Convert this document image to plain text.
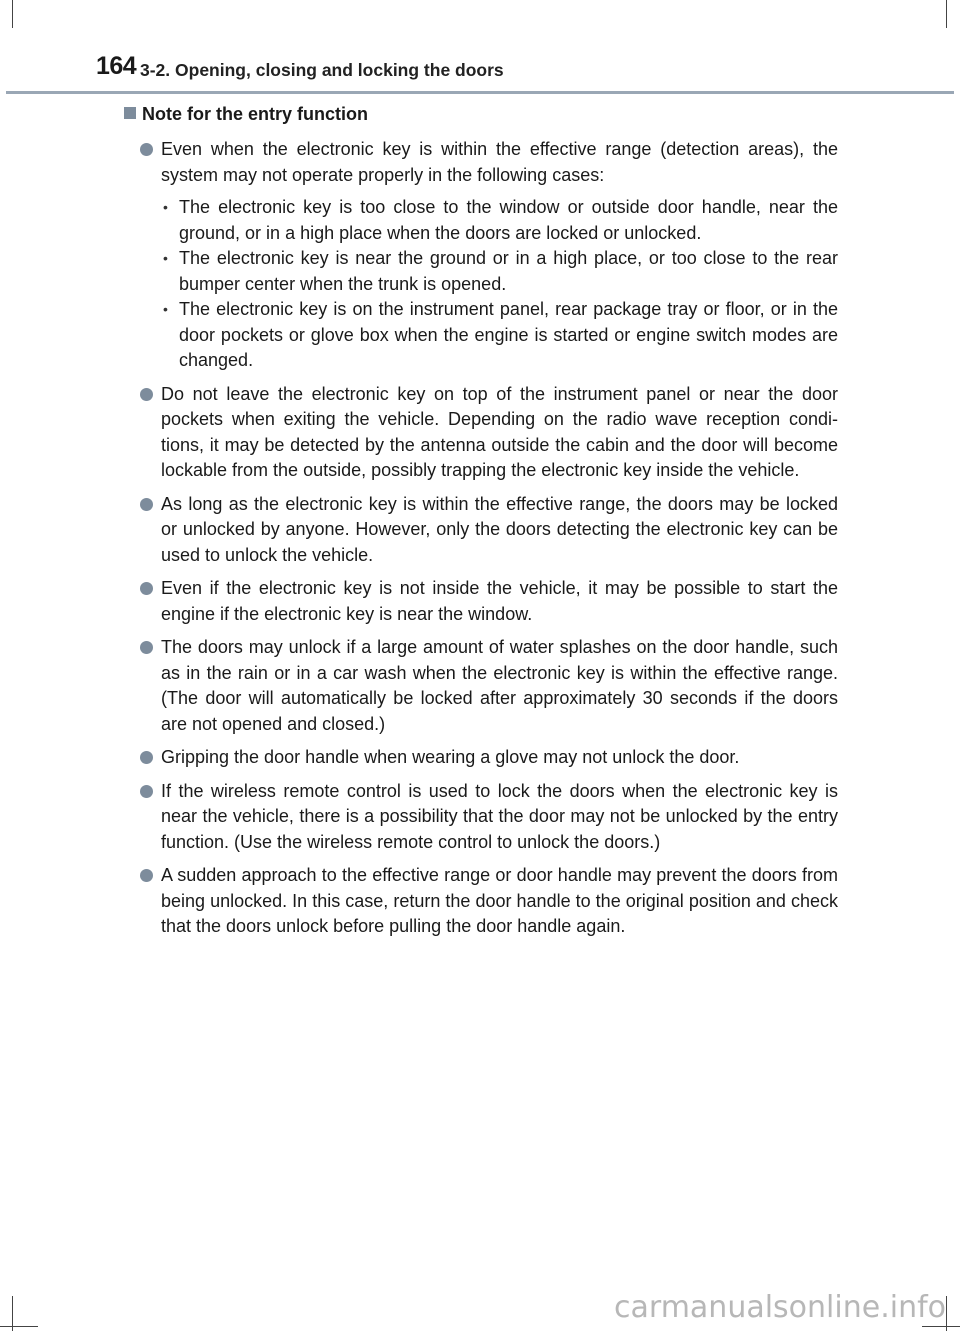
164 3-2. Opening, closing and locking the doors
Note for the entry function
Even when the electronic key is within the effective range (detection areas), the system may not operate properly in the following cases:
• The electronic key is too close to the window or outside door handle, near the ground, or in a high place when the doors are locked or unlocked.
• The electronic key is near the ground or in a high place, or too close to the rear bumper center when the trunk is opened.
• The electronic key is on the instrument panel, rear package tray or floor, or in the door pockets or glove box when the engine is started or engine switch modes are changed.
Do not leave the electronic key on top of the instrument panel or near the door pockets when exiting the vehicle. Depending on the radio wave reception condi-tions, it may be detected by the antenna outside the cabin and the door will become lockable from the outside, possibly trapping the electronic key inside the vehicle.
As long as the electronic key is within the effective range, the doors may be locked or unlocked by anyone. However, only the doors detecting the electronic key can be used to unlock the vehicle.
Even if the electronic key is not inside the vehicle, it may be possible to start the engine if the electronic key is near the window.
The doors may unlock if a large amount of water splashes on the door handle, such as in the rain or in a car wash when the electronic key is within the effective range. (The door will automatically be locked after approximately 30 seconds if the doors are not opened and closed.)
Gripping the door handle when wearing a glove may not unlock the door.
If the wireless remote control is used to lock the doors when the electronic key is near the vehicle, there is a possibility that the door may not be unlocked by the entry function. (Use the wireless remote control to unlock the doors.)
A sudden approach to the effective range or door handle may prevent the doors from being unlocked. In this case, return the door handle to the original position and check that the doors unlock before pulling the door handle again.
carmanualsonline.info
